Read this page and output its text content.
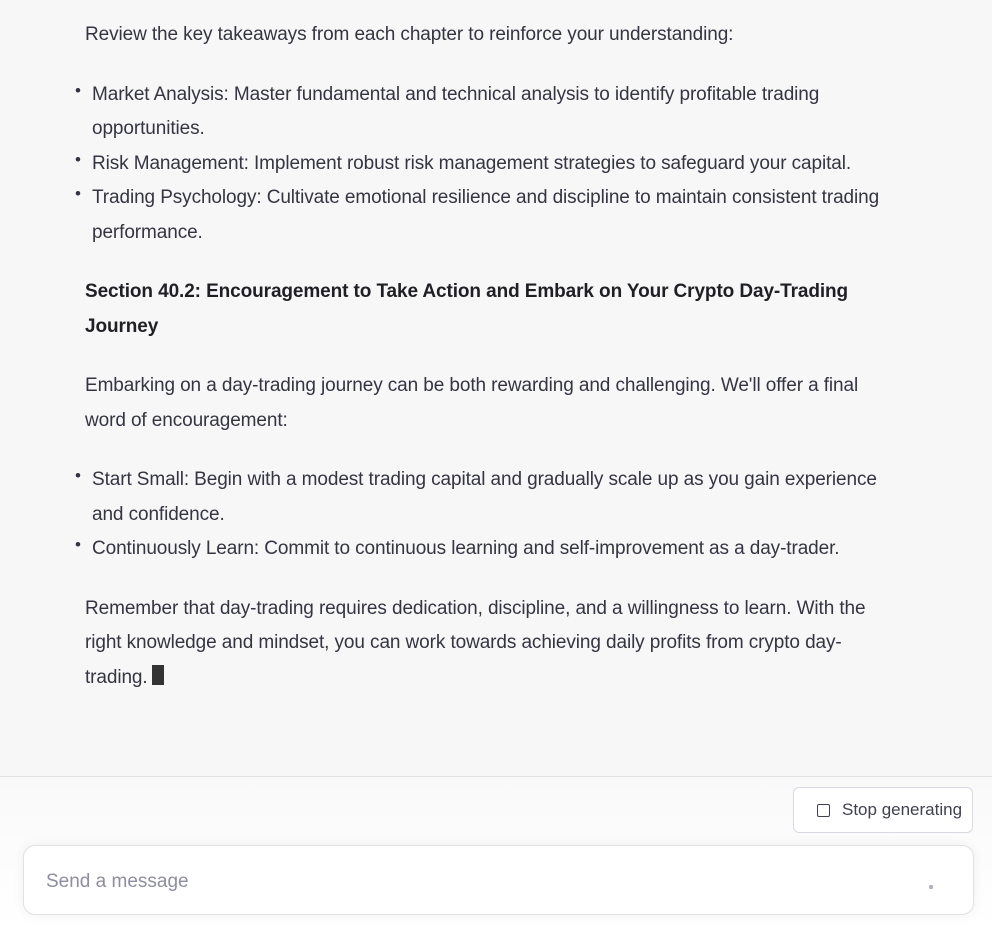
Review the key takeaways from each chapter to reinforce your understanding:

• Market Analysis: Master fundamental and technical analysis to identify profitable trading opportunities.
• Risk Management: Implement robust risk management strategies to safeguard your capital.
• Trading Psychology: Cultivate emotional resilience and discipline to maintain consistent trading performance.
Section 40.2: Encouragement to Take Action and Embark on Your Crypto Day-Trading Journey

Embarking on a day-trading journey can be both rewarding and challenging. We'll offer a final word of encouragement:

• Start Small: Begin with a modest trading capital and gradually scale up as you gain experience and confidence.
• Continuously Learn: Commit to continuous learning and self-improvement as a day-trader.

Remember that day-trading requires dedication, discipline, and a willingness to learn. With the right knowledge and mindset, you can work towards achieving daily profits from crypto day-trading.

Stop generating
Send a message
